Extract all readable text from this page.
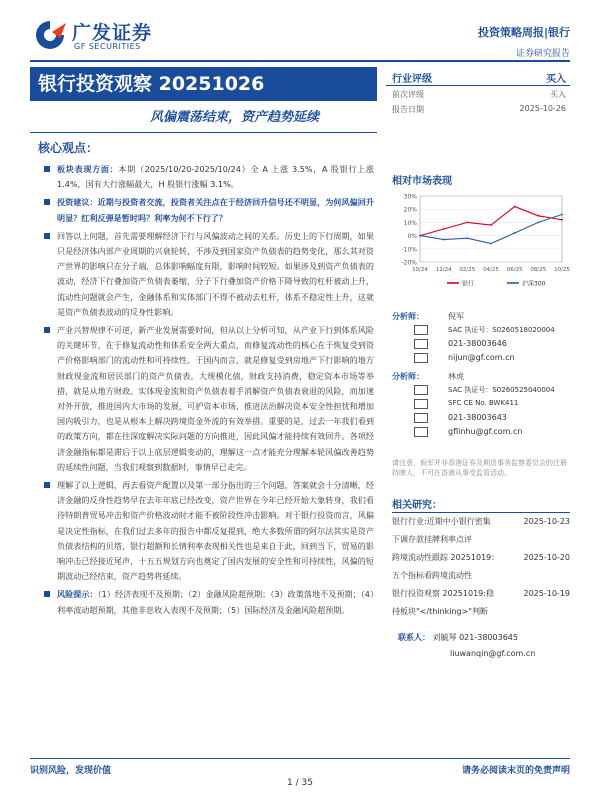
广发证券
GF SECURITIES
投资策略周报|银行
证券研究报告
银行投资观察 20251026
风偏震荡结束，资产趋势延续
行业评级	买入
前次评级	买入
报告日期	2025-10-26
核心观点：
板块表现方面：本期（2025/10/20-2025/10/24）全 A 上涨 3.5%，A 股银行上涨 1.4%，国有大行涨幅最大，H 股银行涨幅 3.1%。
投资建议：近期与投资者交流，投资者关注点在于经济回升信号还不明显，为何风偏回升明显？红利反弹是暂时吗？利率为何不下行了？
回答以上问题，首先需要理解经济下行与风偏波动之间的关系。历史上的下行周期，如果只是经济体内部产业周期的兴衰轮转，不涉及到国家资产负债表的趋势变化，那么其对资产世界的影响只在分子端，总体影响幅度有限，影响时间较短。如果涉及到资产负债表的波动，经济下行叠加资产负债表萎缩，分子下行叠加资产价格下降导致的杠杆被动上升，流动性问题就会产生，金融体系和实体部门不得不被动去杠杆，体系不稳定性上升，这就是资产负债表波动的反身性影响。
产业兴替规律不可逆，新产业发展需要时间，但从以上分析可知，从产业下行到体系风险的关键环节，在于修复流动性和体系安全两大重点，而修复流动性的核心在于恢复受到资产价格影响部门的流动性和可持续性。于国内而言，就是修复受到房地产下行影响的地方财政现金流和居民部门的资产负债表。大规模化债，财政支持消费，稳定资本市场等举措，就是从地方财政、实体现金流和资产负债表着手消解资产负债表衰退的风险，而加速对外开放，推进国内大市场的发展，可护资本市场，推进法治解决资本安全性担忧和增加国内吸引力，也是从根本上解决跨境资金外流的有效举措。重要的是，过去一年我们看到的政策方向，都在往深度解决实际问题的方向推进，因此风偏才能持续有效回升。各项经济金融指标都是滞后于以上底层逻辑变动的，理解这一点才能充分理解本轮风偏改善趋势的延续性问题，当我们观察到数据时，事情早已走完。
理解了以上逻辑，再去看资产配置以及第一部分指出的三个问题，答案就会十分清晰，经济金融的反身性趋势早在去年年底已经改变，资产世界在今年已经开始大象转身，我们看待特朗普贸易冲击和资产价格波动时才能不被阶段性冲击影响。对于银行投资而言，风偏是决定性指标，在我们过去多年的报告中都反复提到，绝大多数所谓的阿尔法其实是资产负债表结构的贝塔，银行超额和长情利率表现相关性也是来自于此，回到当下，贸易的影响冲击已经接近尾声，十五五规划方向也奠定了国内发展的安全性和可持续性，风偏的短期波动已经结束，资产趋势将延续。
风险提示：（1）经济表现不及预期；（2）金融风险超预期；（3）政策落地不及预期；（4）利率波动超预期，其他非息收入表现不及预期；（5）国际经济及金融风险超预期。
相对市场表现
30%
20%
10%
0%
-10%
-20%
10/24 12/24 02/25 04/25 06/25 08/25 10/25
银行	沪深300
分析师：	倪军
SAC 执证号：S0260518020004
021-38003646
nijun@gf.com.cn
分析师：	林虎
SAC 执证号：S0260525040004
SFC CE No. BWK411
021-38003643
gflinhu@gf.com.cn
请注意，倪军并非香港证券及期货事务监察委员会的注册持牌人，不可在香港从事受监管活动。
相关研究：
银行行业:近期中小银行密集	2025-10-23
下调存款挂牌利率点评
跨境流动性跟踪 20251019：	2025-10-20
五个指标看跨境流动性
银行投资观察 20251019:稳	2025-10-19
持板块"</thinking>"判断
联系人： 刘毓琴 021-38003645
liuwanqin@gf.com.cn
识别风险，发现价值	请务必阅读末页的免责声明
1 / 35
